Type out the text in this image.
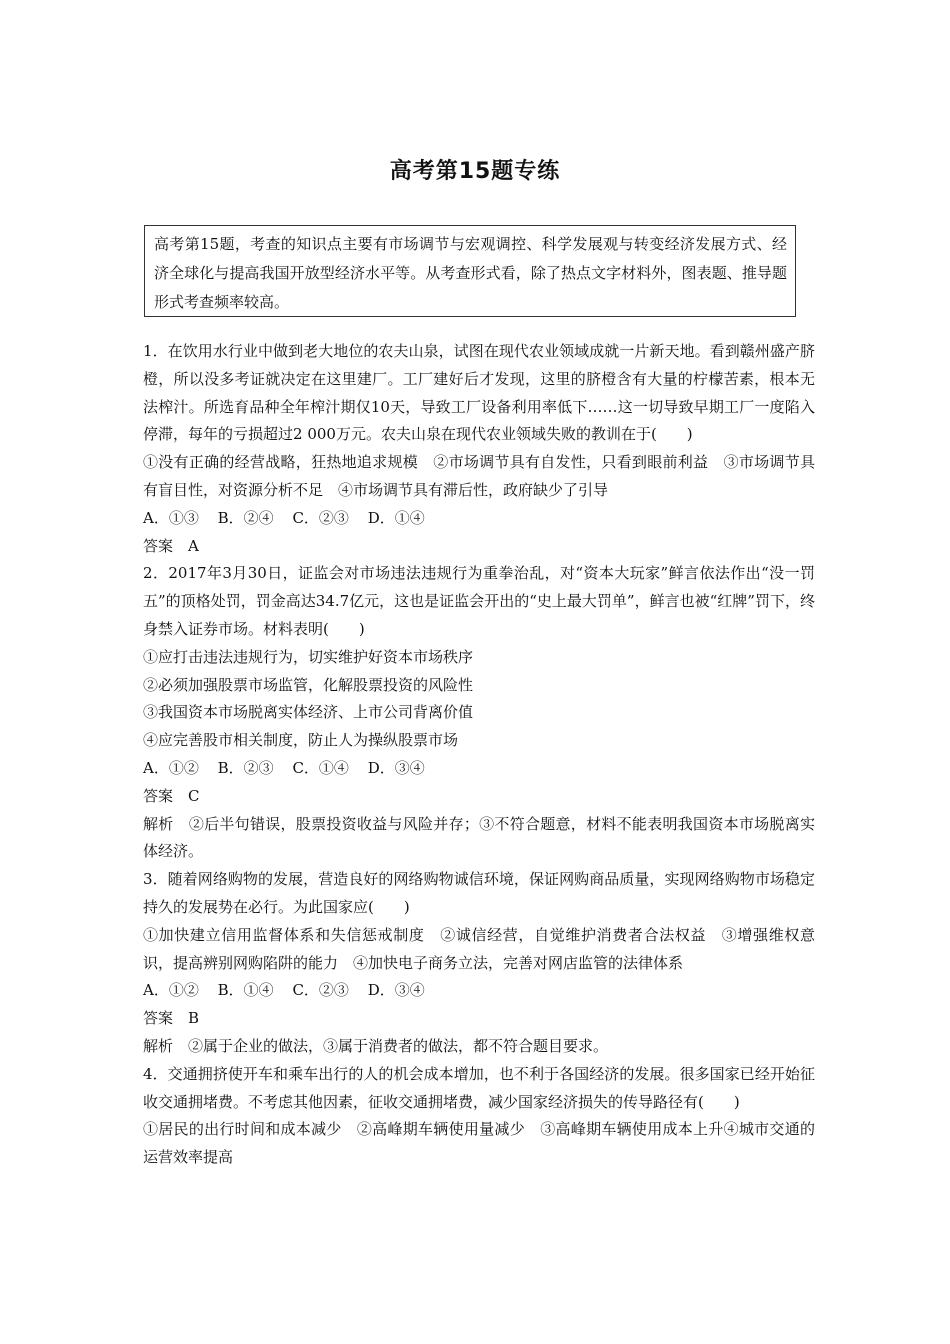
高考第15题专练

高考第15题，考查的知识点主要有市场调节与宏观调控、科学发展观与转变经济发展方式、经济全球化与提高我国开放型经济水平等。从考查形式看，除了热点文字材料外，图表题、推导题形式考查频率较高。

1．在饮用水行业中做到老大地位的农夫山泉，试图在现代农业领域成就一片新天地。看到赣州盛产脐橙，所以没多考证就决定在这里建厂。工厂建好后才发现，这里的脐橙含有大量的柠檬苦素，根本无法榨汁。所选育品种全年榨汁期仅10天，导致工厂设备利用率低下……这一切导致早期工厂一度陷入停滞，每年的亏损超过2 000万元。农夫山泉在现代农业领域失败的教训在于(　　)

①没有正确的经营战略，狂热地追求规模　②市场调节具有自发性，只看到眼前利益　③市场调节具有盲目性，对资源分析不足　④市场调节具有滞后性，政府缺少了引导

A．①③ B．②④ C．②③ D．①④

答案　A

2．2017年3月30日，证监会对市场违法违规行为重拳治乱，对“资本大玩家”鲜言依法作出“没一罚五”的顶格处罚，罚金高达34.7亿元，这也是证监会开出的“史上最大罚单”，鲜言也被“红牌”罚下，终身禁入证券市场。材料表明(　　)

①应打击违法违规行为，切实维护好资本市场秩序

②必须加强股票市场监管，化解股票投资的风险性

③我国资本市场脱离实体经济、上市公司背离价值

④应完善股市相关制度，防止人为操纵股票市场

A．①② B．②③ C．①④ D．③④

答案　C

解析　②后半句错误，股票投资收益与风险并存；③不符合题意，材料不能表明我国资本市场脱离实体经济。

3．随着网络购物的发展，营造良好的网络购物诚信环境，保证网购商品质量，实现网络购物市场稳定持久的发展势在必行。为此国家应(　　)

①加快建立信用监督体系和失信惩戒制度　②诚信经营，自觉维护消费者合法权益　③增强维权意识，提高辨别网购陷阱的能力　④加快电子商务立法，完善对网店监管的法律体系

A．①② B．①④ C．②③ D．③④

答案　B

解析　②属于企业的做法，③属于消费者的做法，都不符合题目要求。

4．交通拥挤使开车和乘车出行的人的机会成本增加，也不利于各国经济的发展。很多国家已经开始征收交通拥堵费。不考虑其他因素，征收交通拥堵费，减少国家经济损失的传导路径有(　　)

①居民的出行时间和成本减少　②高峰期车辆使用量减少　③高峰期车辆使用成本上升④城市交通的运营效率提高
